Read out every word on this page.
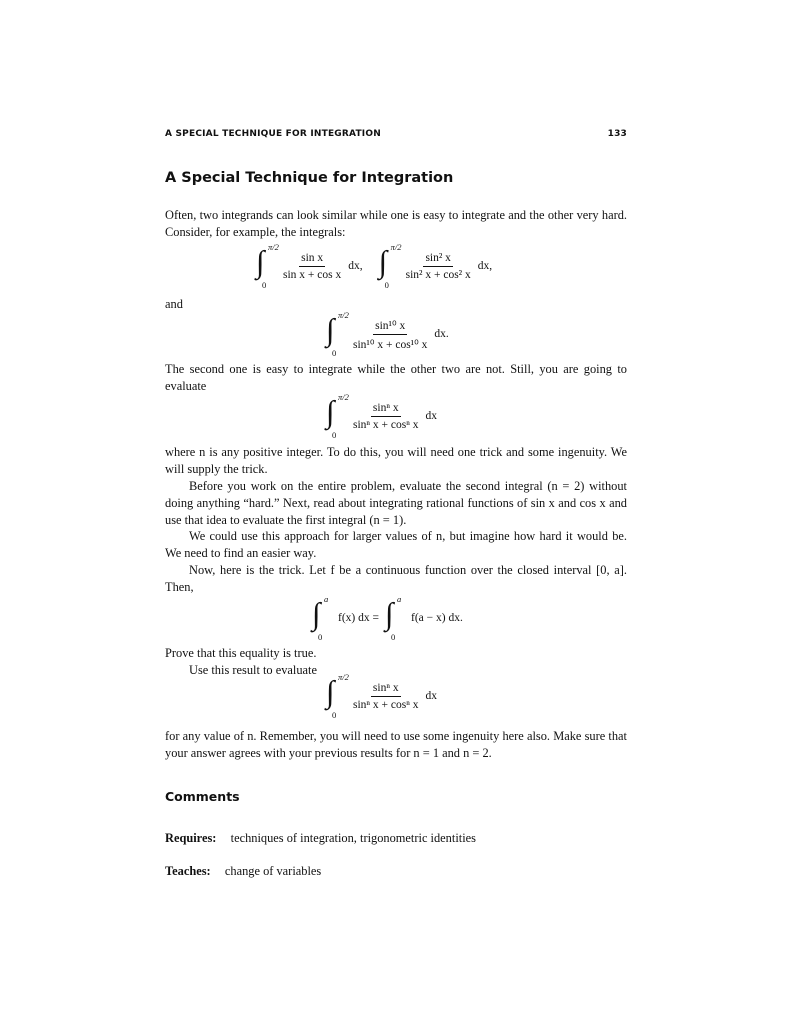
A SPECIAL TECHNIQUE FOR INTEGRATION	133
A Special Technique for Integration

Often, two integrands can look similar while one is easy to integrate and the other very hard. Consider, for example, the integrals:

∫ π/2
0
$\frac{\text{sin x}}{\text{sin x + cos x}}$ dx, ∫ π/2
0
$\frac{\text{sin² x}}{\text{sin² x + cos² x}}$ dx,

and

∫ π/2
0
$\frac{\text{sin¹⁰ x}}{\text{sin¹⁰ x + cos¹⁰ x}}$ dx.

The second one is easy to integrate while the other two are not. Still, you are going to evaluate

∫ π/2
0
$\frac{\text{sinⁿ x}}{\text{sinⁿ x + cosⁿ x}}$ dx

where n is any positive integer. To do this, you will need one trick and some ingenuity. We will supply the trick.

Before you work on the entire problem, evaluate the second integral (n = 2) without doing anything “hard.” Next, read about integrating rational functions of sin x and cos x and use that idea to evaluate the first integral (n = 1).

We could use this approach for larger values of n, but imagine how hard it would be. We need to find an easier way.

Now, here is the trick. Let f be a continuous function over the closed interval [0, a]. Then,

∫ a
0
f(x) dx = ∫ a
0
f(a − x) dx.

Prove that this equality is true.

Use this result to evaluate

∫ π/2
0
$\frac{\text{sinⁿ x}}{\text{sinⁿ x + cosⁿ x}}$ dx

for any value of n. Remember, you will need to use some ingenuity here also. Make sure that your answer agrees with your previous results for n = 1 and n = 2.

Comments

Requires: techniques of integration, trigonometric identities

Teaches: change of variables
